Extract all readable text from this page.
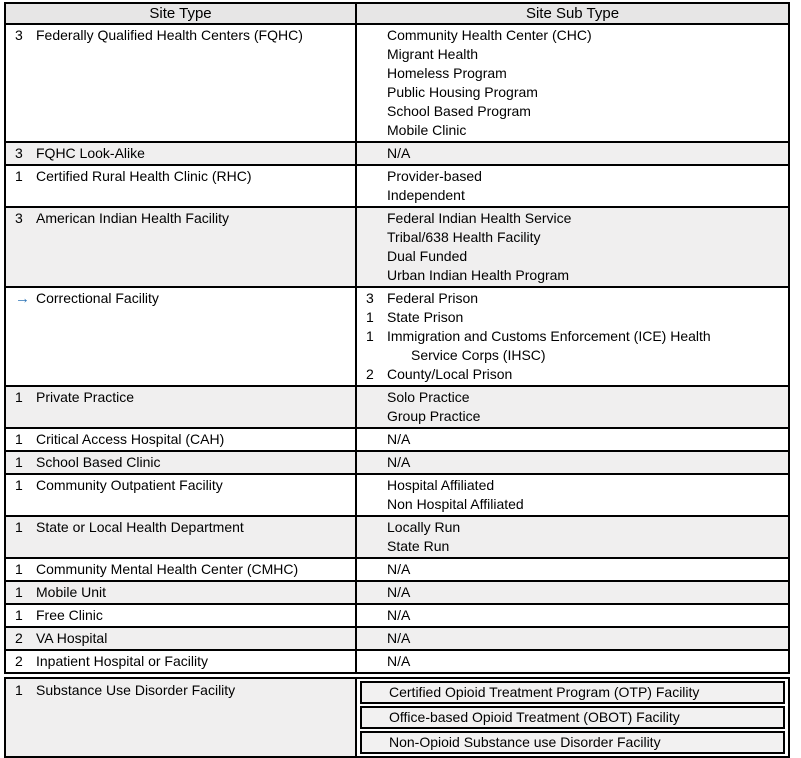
Site Type	Site Sub Type
3 Federally Qualified Health Centers (FQHC)	Community Health Center (CHC)
Migrant Health
Homeless Program
Public Housing Program
School Based Program
Mobile Clinic
3 FQHC Look-Alike	N/A
1 Certified Rural Health Clinic (RHC)	Provider-based
Independent
3 American Indian Health Facility	Federal Indian Health Service
Tribal/638 Health Facility
Dual Funded
Urban Indian Health Program
→ Correctional Facility	3 Federal Prison
1 State Prison
1 Immigration and Customs Enforcement (ICE) Health
Service Corps (IHSC)
2 County/Local Prison
1 Private Practice	Solo Practice
Group Practice
1 Critical Access Hospital (CAH)	N/A
1 School Based Clinic	N/A
1 Community Outpatient Facility	Hospital Affiliated
Non Hospital Affiliated
1 State or Local Health Department	Locally Run
State Run
1 Community Mental Health Center (CMHC)	N/A
1 Mobile Unit	N/A
1 Free Clinic	N/A
2 VA Hospital	N/A
2 Inpatient Hospital or Facility	N/A
1 Substance Use Disorder Facility	Certified Opioid Treatment Program (OTP) Facility
Office-based Opioid Treatment (OBOT) Facility
Non-Opioid Substance use Disorder Facility
